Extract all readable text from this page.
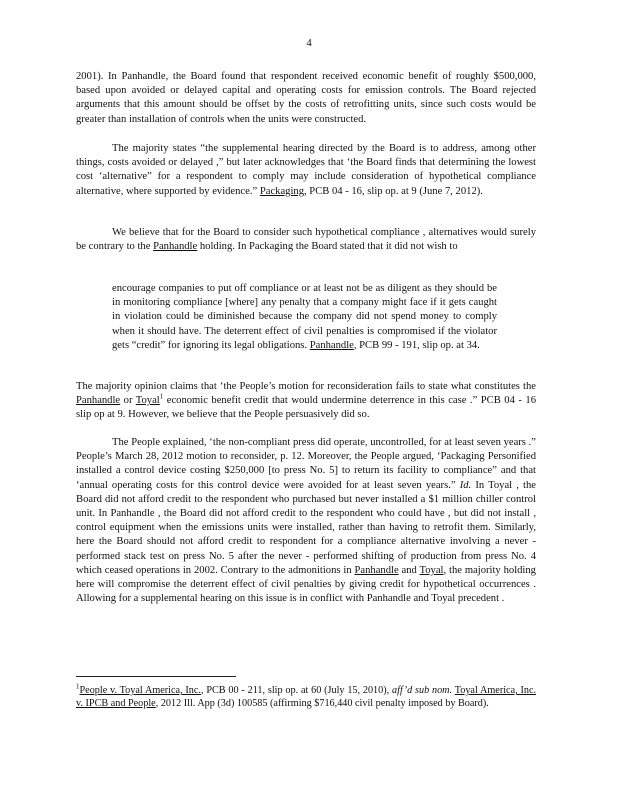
4

2001). In Panhandle, the Board found that respondent received economic benefit of roughly $500,000, based upon avoided or delayed capital and operating costs for emission controls. The Board rejected arguments that this amount should be offset by the costs of retrofitting units, since such costs would be greater than installation of controls when the units were constructed.

The majority states “the supplemental hearing directed by the Board is to address, among other things, costs avoided or delayed ,” but later acknowledges that ‘the Board finds that determining the lowest cost ‘alternative” for a respondent to comply may include consideration of hypothetical compliance alternative, where supported by evidence.” Packaging, PCB 04 - 16, slip op. at 9 (June 7, 2012).

We believe that for the Board to consider such hypothetical compliance , alternatives would surely be contrary to the Panhandle holding. In Packaging the Board stated that it did not wish to

encourage companies to put off compliance or at least not be as diligent as they should be in monitoring compliance [where] any penalty that a company might face if it gets caught in violation could be diminished because the company did not spend money to comply when it should have. The deterrent effect of civil penalties is compromised if the violator gets “credit” for ignoring its legal obligations. Panhandle, PCB 99 - 191, slip op. at 34.

The majority opinion claims that ‘the People’s motion for reconsideration fails to state what constitutes the Panhandle or Toyal$^1$ economic benefit credit that would undermine deterrence in this case .” PCB 04 - 16 slip op at 9. However, we believe that the People persuasively did so.

The People explained, ‘the non-compliant press did operate, uncontrolled, for at least seven years .” People’s March 28, 2012 motion to reconsider, p. 12. Moreover, the People argued, ‘Packaging Personified installed a control device costing $250,000 [to press No. 5] to return its facility to compliance” and that ‘annual operating costs for this control device were avoided for at least seven years.” Id. In Toyal , the Board did not afford credit to the respondent who purchased but never installed a $1 million chiller control unit. In Panhandle , the Board did not afford credit to the respondent who could have , but did not install , control equipment when the emissions units were installed, rather than having to retrofit them. Similarly, here the Board should not afford credit to respondent for a compliance alternative involving a never - performed stack test on press No. 5 after the never - performed shifting of production from press No. 4 which ceased operations in 2002. Contrary to the admonitions in Panhandle and Toyal, the majority holding here will compromise the deterrent effect of civil penalties by giving credit for hypothetical occurrences . Allowing for a supplemental hearing on this issue is in conflict with Panhandle and Toyal precedent .

$^1$People v. Toyal America, Inc., PCB 00 - 211, slip op. at 60 (July 15, 2010), aff’d sub nom. Toyal America, Inc. v. IPCB and People, 2012 Ill. App (3d) 100585 (affirming $716,440 civil penalty imposed by Board).
